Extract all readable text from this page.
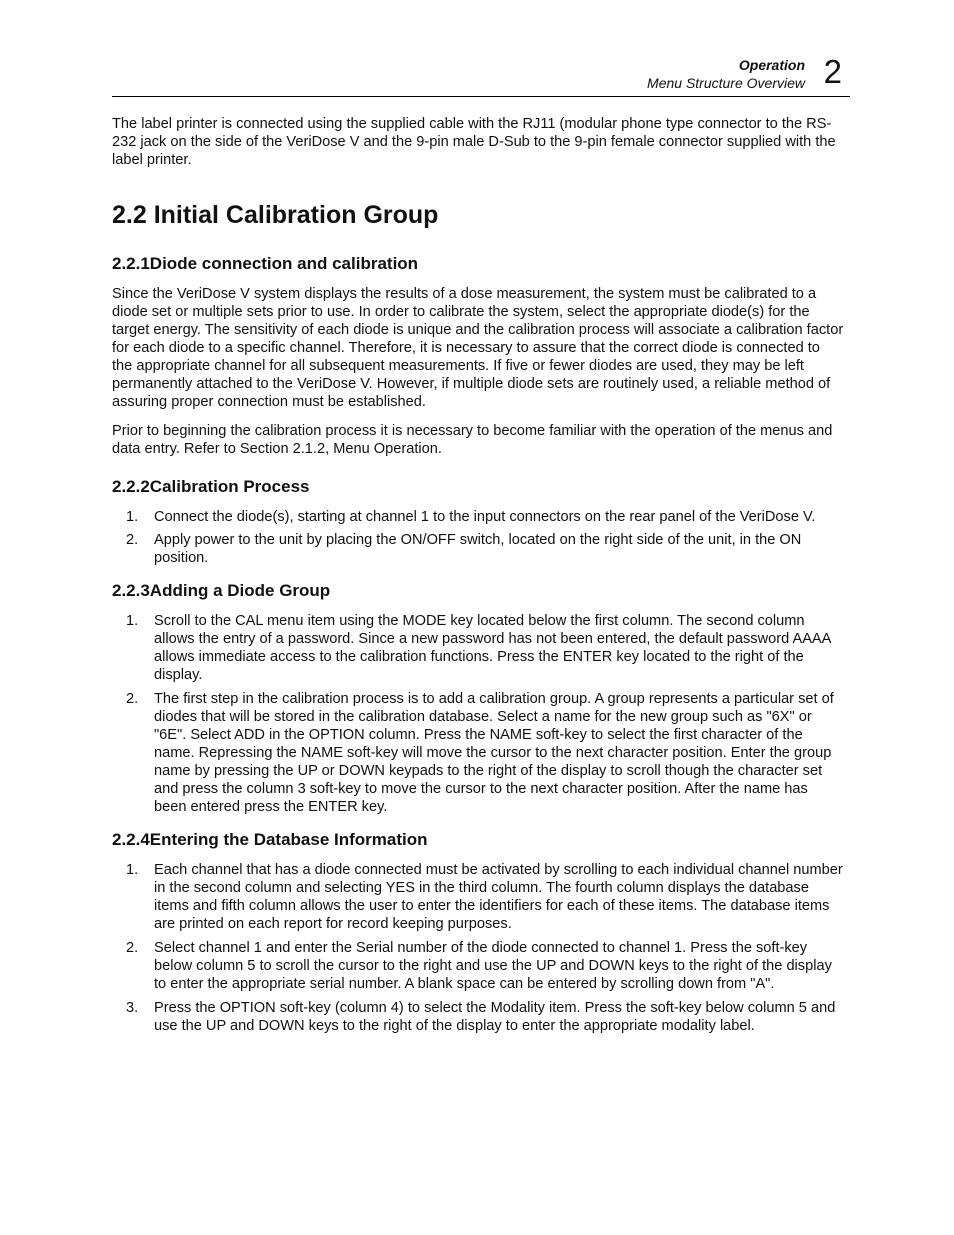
Operation
Menu Structure Overview 2

The label printer is connected using the supplied cable with the RJ11 (modular phone type connector to the RS-232 jack on the side of the VeriDose V and the 9-pin male D-Sub to the 9-pin female connector supplied with the label printer.

2.2 Initial Calibration Group
2.2.1Diode connection and calibration

Since the VeriDose V system displays the results of a dose measurement, the system must be calibrated to a diode set or multiple sets prior to use. In order to calibrate the system, select the appropriate diode(s) for the target energy. The sensitivity of each diode is unique and the calibration process will associate a calibration factor for each diode to a specific channel. Therefore, it is necessary to assure that the correct diode is connected to the appropriate channel for all subsequent measurements. If five or fewer diodes are used, they may be left permanently attached to the VeriDose V. However, if multiple diode sets are routinely used, a reliable method of assuring proper connection must be established.

Prior to beginning the calibration process it is necessary to become familiar with the operation of the menus and data entry. Refer to Section 2.1.2, Menu Operation.

2.2.2Calibration Process
1. Connect the diode(s), starting at channel 1 to the input connectors on the rear panel of the VeriDose V.
2. Apply power to the unit by placing the ON/OFF switch, located on the right side of the unit, in the ON position.
2.2.3Adding a Diode Group
1. Scroll to the CAL menu item using the MODE key located below the first column. The second column allows the entry of a password. Since a new password has not been entered, the default password AAAA allows immediate access to the calibration functions. Press the ENTER key located to the right of the display.
2. The first step in the calibration process is to add a calibration group. A group represents a particular set of diodes that will be stored in the calibration database. Select a name for the new group such as "6X" or "6E". Select ADD in the OPTION column. Press the NAME soft-key to select the first character of the name. Repressing the NAME soft-key will move the cursor to the next character position. Enter the group name by pressing the UP or DOWN keypads to the right of the display to scroll though the character set and press the column 3 soft-key to move the cursor to the next character position. After the name has been entered press the ENTER key.
2.2.4Entering the Database Information
1. Each channel that has a diode connected must be activated by scrolling to each individual channel number in the second column and selecting YES in the third column. The fourth column displays the database items and fifth column allows the user to enter the identifiers for each of these items. The database items are printed on each report for record keeping purposes.
2. Select channel 1 and enter the Serial number of the diode connected to channel 1. Press the soft-key below column 5 to scroll the cursor to the right and use the UP and DOWN keys to the right of the display to enter the appropriate serial number. A blank space can be entered by scrolling down from "A".
3. Press the OPTION soft-key (column 4) to select the Modality item. Press the soft-key below column 5 and use the UP and DOWN keys to the right of the display to enter the appropriate modality label.
